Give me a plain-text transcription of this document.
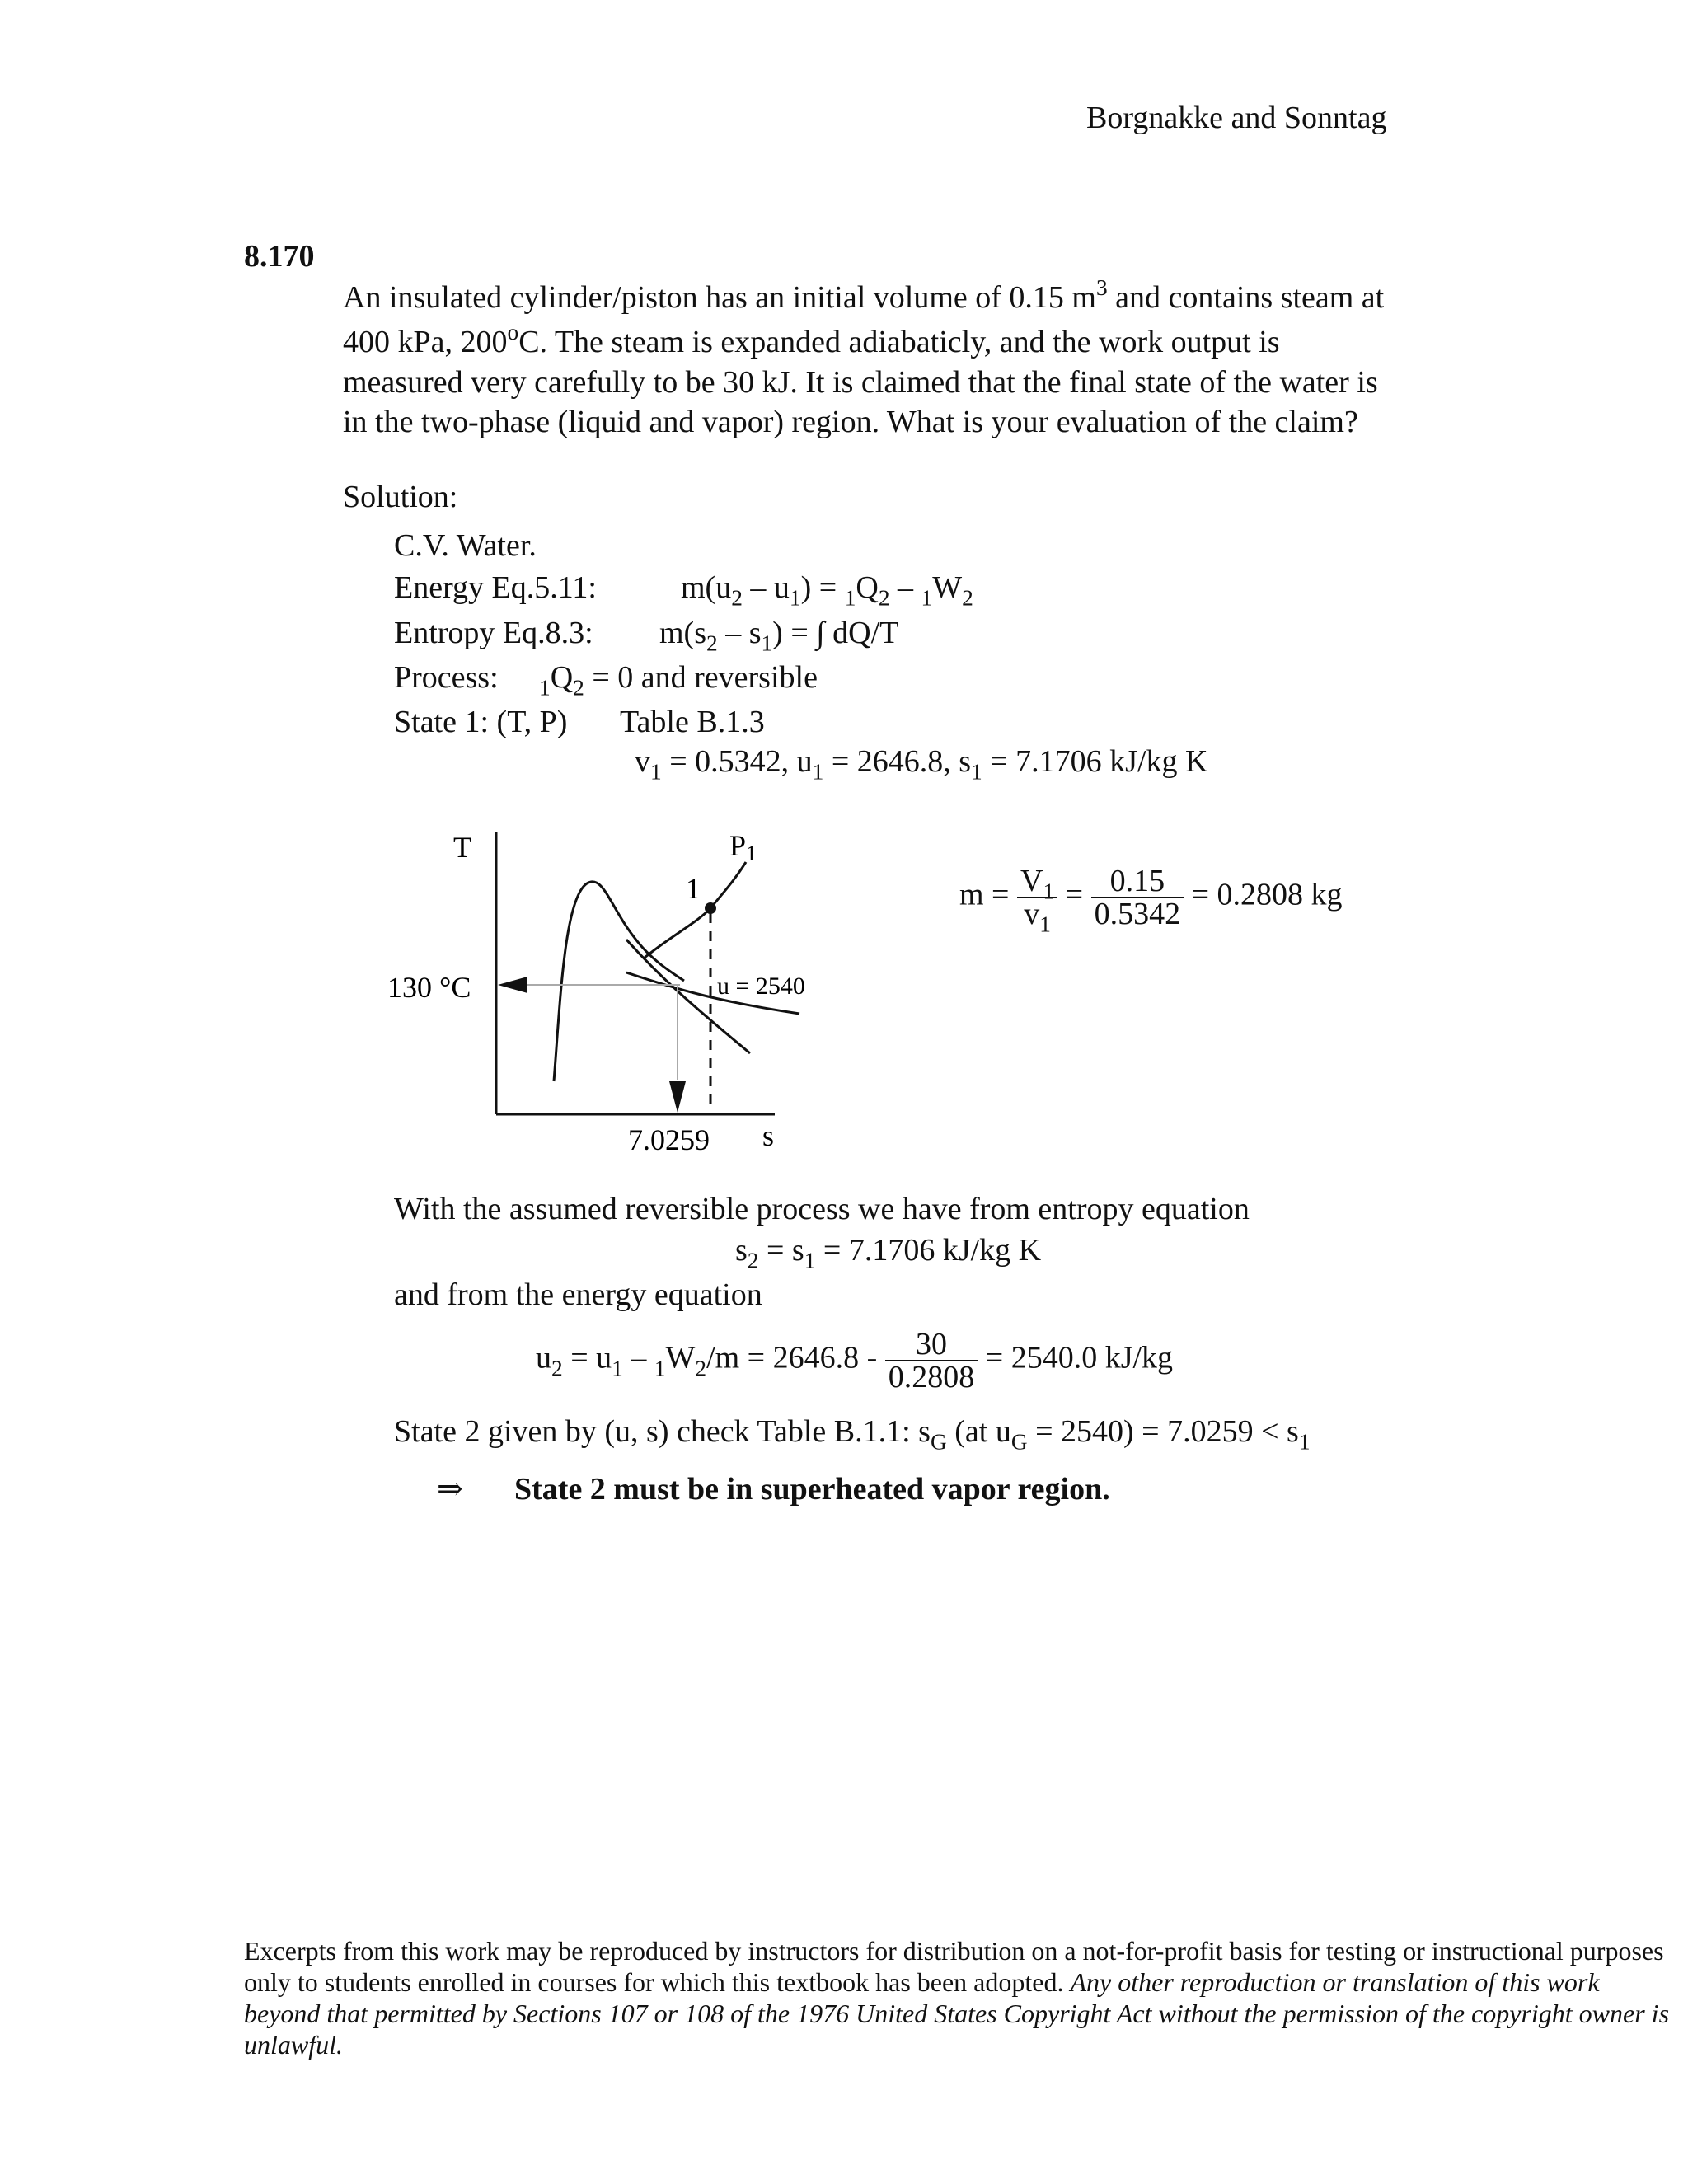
Borgnakke and Sonntag
8.170
An insulated cylinder/piston has an initial volume of 0.15 $m^3$ and contains steam at
400 kPa, 200$^o$C. The steam is expanded adiabaticly, and the work output is
measured very carefully to be 30 kJ. It is claimed that the final state of the water is
in the two-phase (liquid and vapor) region. What is your evaluation of the claim?
Solution:
C.V. Water.
Energy Eq.5.11:	$m(u_2 - u_1) = _1Q_2 - _1W_2$
Entropy Eq.8.3: $m(s_2 - s_1)$ = ∫ dQ/T
Process: $_1Q_2 = 0$ and reversible
State 1: (T, P) Table B.1.3
$v_1 = 0.5342$, $u_1 = 2646.8$, $s_1 = 7.1706$ kJ/kg K
T
s
1
P1
u = 2540
130 °C
7.0259
$m = \frac{V_1}{v_1} = \frac{0.15}{0.5342} = 0.2808$ kg
With the assumed reversible process we have from entropy equation
$s_2 = s_1 = 7.1706$ kJ/kg K
and from the energy equation
$u_2 = u_1 - _1W_2/m = 2646.8 - \frac{30}{0.2808} = 2540.0$ kJ/kg
State 2 given by (u, s) check Table B.1.1: $s_G$ (at $u_G = 2540) = 7.0259 < s_1$
⇒ State 2 must be in superheated vapor region.
Excerpts from this work may be reproduced by instructors for distribution on a not-for-profit basis for testing or instructional purposes only to students enrolled in courses for which this textbook has been adopted. Any other reproduction or translation of this work beyond that permitted by Sections 107 or 108 of the 1976 United States Copyright Act without the permission of the copyright owner is unlawful.
